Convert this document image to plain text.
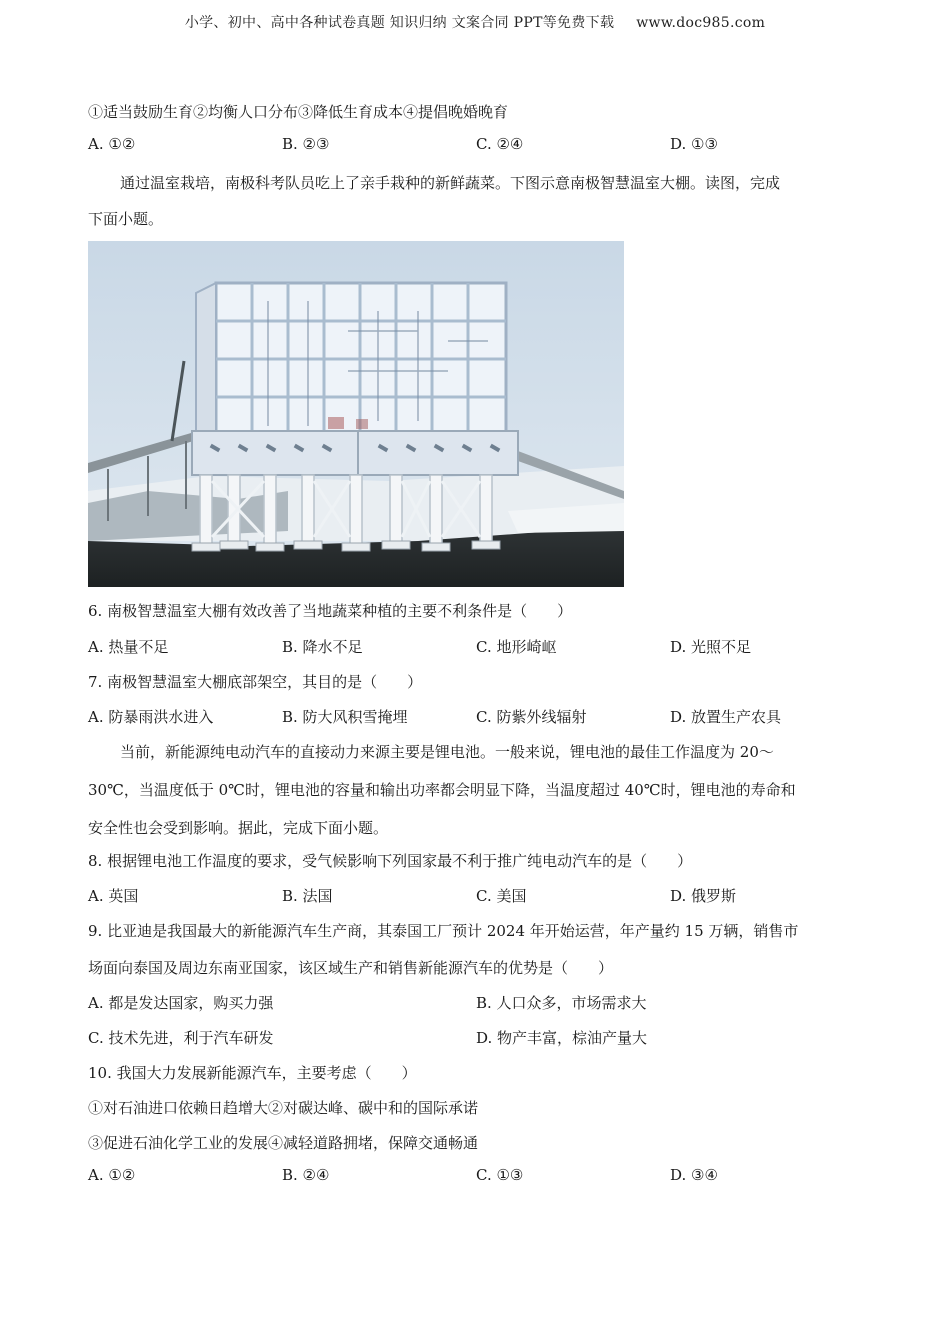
小学、初中、高中各种试卷真题 知识归纳 文案合同 PPT等免费下载 www.doc985.com
①适当鼓励生育②均衡人口分布③降低生育成本④提倡晚婚晚育
A. ①②	B. ②③	C. ②④	D. ①③
通过温室栽培，南极科考队员吃上了亲手栽种的新鲜蔬菜。下图示意南极智慧温室大棚。读图，完成
下面小题。
6. 南极智慧温室大棚有效改善了当地蔬菜种植的主要不利条件是（　　）
A. 热量不足	B. 降水不足	C. 地形崎岖	D. 光照不足
7. 南极智慧温室大棚底部架空，其目的是（　　）
A. 防暴雨洪水进入	B. 防大风积雪掩埋	C. 防紫外线辐射	D. 放置生产农具
当前，新能源纯电动汽车的直接动力来源主要是锂电池。一般来说，锂电池的最佳工作温度为 20～
30℃，当温度低于 0℃时，锂电池的容量和输出功率都会明显下降，当温度超过 40℃时，锂电池的寿命和
安全性也会受到影响。据此，完成下面小题。
8. 根据锂电池工作温度的要求，受气候影响下列国家最不利于推广纯电动汽车的是（　　）
A. 英国	B. 法国	C. 美国	D. 俄罗斯
9. 比亚迪是我国最大的新能源汽车生产商，其泰国工厂预计 2024 年开始运营，年产量约 15 万辆，销售市
场面向泰国及周边东南亚国家，该区域生产和销售新能源汽车的优势是（　　）
A. 都是发达国家，购买力强	B. 人口众多，市场需求大
C. 技术先进，利于汽车研发	D. 物产丰富，棕油产量大
10. 我国大力发展新能源汽车，主要考虑（　　）
①对石油进口依赖日趋增大②对碳达峰、碳中和的国际承诺
③促进石油化学工业的发展④减轻道路拥堵，保障交通畅通
A. ①②	B. ②④	C. ①③	D. ③④
